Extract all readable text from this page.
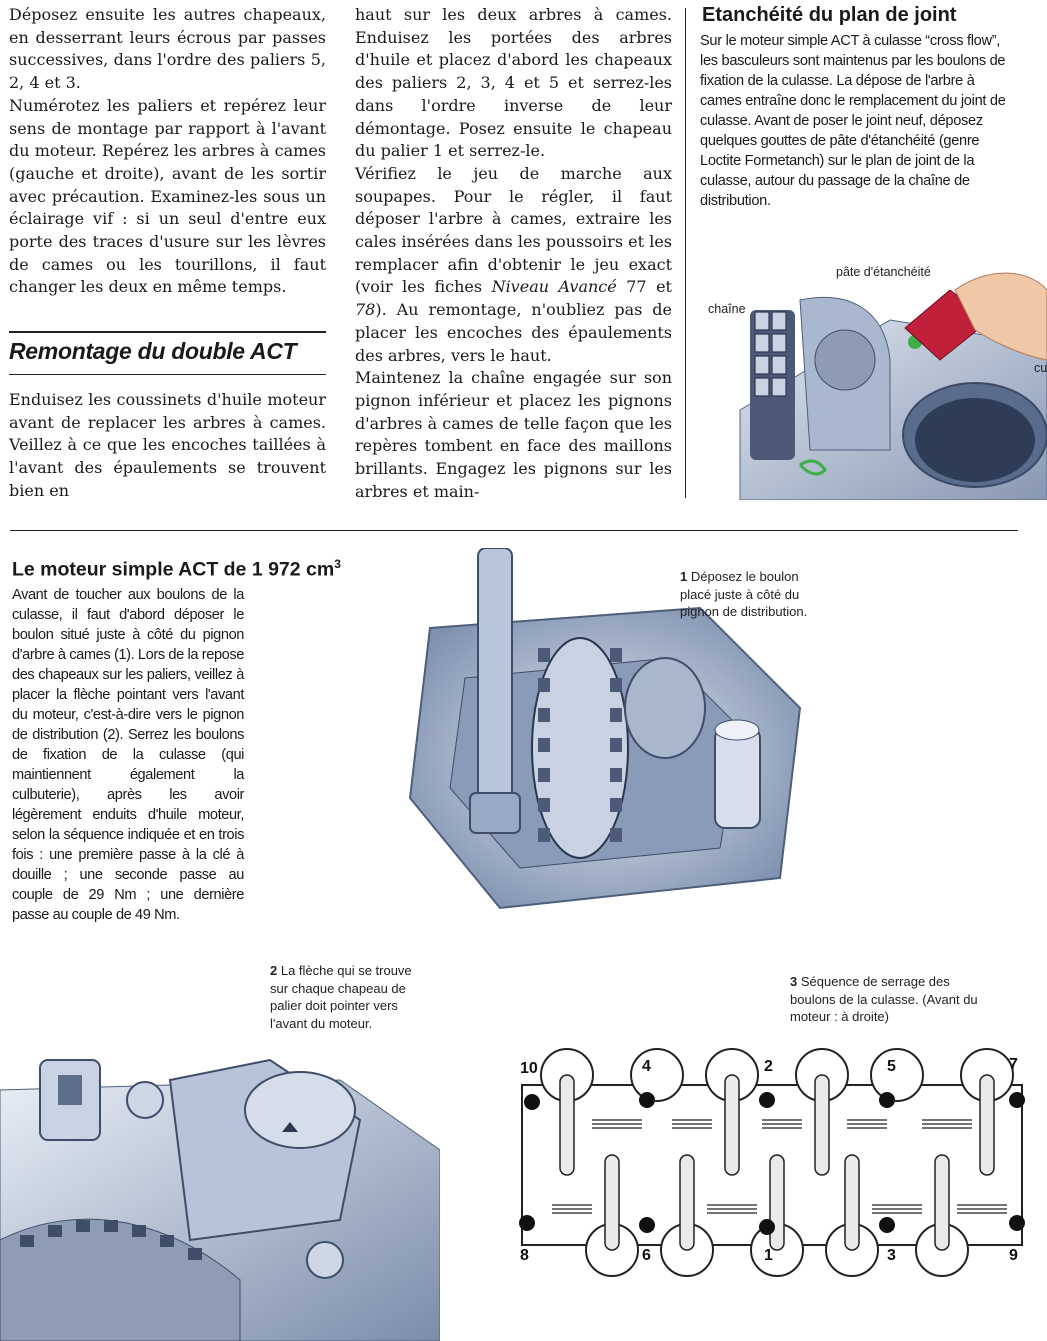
Déposez ensuite les autres chapeaux, en desserrant leurs écrous par passes successives, dans l'ordre des paliers 5, 2, 4 et 3.

Numérotez les paliers et repérez leur sens de montage par rapport à l'avant du moteur. Repérez les arbres à cames (gauche et droite), avant de les sortir avec précaution. Examinez-les sous un éclairage vif : si un seul d'entre eux porte des traces d'usure sur les lèvres de cames ou les tourillons, il faut changer les deux en même temps.

Remontage du double ACT

Enduisez les coussinets d'huile moteur avant de replacer les arbres à cames. Veillez à ce que les encoches taillées à l'avant des épaulements se trouvent bien en

haut sur les deux arbres à cames. Enduisez les portées des arbres d'huile et placez d'abord les chapeaux des paliers 2, 3, 4 et 5 et serrez-les dans l'ordre inverse de leur démontage. Posez ensuite le chapeau du palier 1 et serrez-le.

Vérifiez le jeu de marche aux soupapes. Pour le régler, il faut déposer l'arbre à cames, extraire les cales insérées dans les poussoirs et les remplacer afin d'obtenir le jeu exact (voir les fiches Niveau Avancé 77 et 78). Au remontage, n'oubliez pas de placer les encoches des épaulements des arbres, vers le haut.

Maintenez la chaîne engagée sur son pignon inférieur et placez les pignons d'arbres à cames de telle façon que les repères tombent en face des maillons brillants. Engagez les pignons sur les arbres et main-

Etanchéité du plan de joint

Sur le moteur simple ACT à culasse “cross flow”, les basculeurs sont maintenus par les boulons de fixation de la culasse. La dépose de l'arbre à cames entraîne donc le remplacement du joint de culasse. Avant de poser le joint neuf, déposez quelques gouttes de pâte d'étanchéité (genre Loctite Formetanch) sur le plan de joint de la culasse, autour du passage de la chaîne de distribution.

pâte d'étanchéité
chaîne
cu
Le moteur simple ACT de 1 972 $cm^3$

Avant de toucher aux boulons de la culasse, il faut d'abord déposer le boulon situé juste à côté du pignon d'arbre à cames (1). Lors de la repose des chapeaux sur les paliers, veillez à placer la flèche pointant vers l'avant du moteur, c'est-à-dire vers le pignon de distribution (2). Serrez les boulons de fixation de la culasse (qui maintiennent également la culbuterie), après les avoir légèrement enduits d'huile moteur, selon la séquence indiquée et en trois fois : une première passe à la clé à douille ; une seconde passe au couple de 29 Nm ; une dernière passe au couple de 49 Nm.

1 Déposez le boulon placé juste à côté du pignon de distribution.

2 La flèche qui se trouve sur chaque chapeau de palier doit pointer vers l'avant du moteur.

3 Séquence de serrage des boulons de la culasse. (Avant du moteur : à droite)

10	4	2	5	7
8	6	1	3	9
